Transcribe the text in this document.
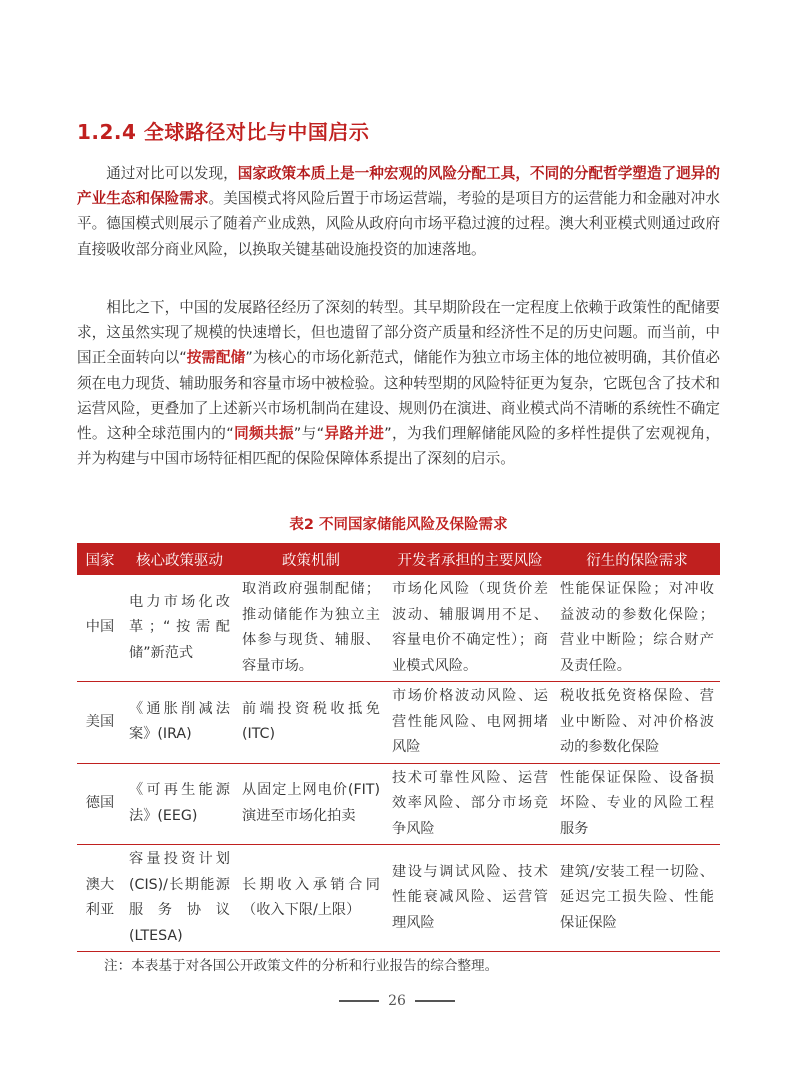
1.2.4 全球路径对比与中国启示

通过对比可以发现，国家政策本质上是一种宏观的风险分配工具，不同的分配哲学塑造了迥异的产业生态和保险需求。美国模式将风险后置于市场运营端，考验的是项目方的运营能力和金融对冲水平。德国模式则展示了随着产业成熟，风险从政府向市场平稳过渡的过程。澳大利亚模式则通过政府直接吸收部分商业风险，以换取关键基础设施投资的加速落地。

相比之下，中国的发展路径经历了深刻的转型。其早期阶段在一定程度上依赖于政策性的配储要求，这虽然实现了规模的快速增长，但也遗留了部分资产质量和经济性不足的历史问题。而当前，中国正全面转向以“按需配储”为核心的市场化新范式，储能作为独立市场主体的地位被明确，其价值必须在电力现货、辅助服务和容量市场中被检验。这种转型期的风险特征更为复杂，它既包含了技术和运营风险，更叠加了上述新兴市场机制尚在建设、规则仍在演进、商业模式尚不清晰的系统性不确定性。这种全球范围内的“同频共振”与“异路并进”，为我们理解储能风险的多样性提供了宏观视角，并为构建与中国市场特征相匹配的保险保障体系提出了深刻的启示。

表2 不同国家储能风险及保险需求
国家	核心政策驱动	政策机制	开发者承担的主要风险	衍生的保险需求
中国	电力市场化改革；“按需配储”新范式	取消政府强制配储；推动储能作为独立主体参与现货、辅服、容量市场。	市场化风险（现货价差波动、辅服调用不足、容量电价不确定性）；商业模式风险。	性能保证保险；对冲收益波动的参数化保险；营业中断险；综合财产及责任险。
美国	《通胀削减法案》(IRA)	前端投资税收抵免(ITC)	市场价格波动风险、运营性能风险、电网拥堵风险	税收抵免资格保险、营业中断险、对冲价格波动的参数化保险
德国	《可再生能源法》(EEG)	从固定上网电价(FIT)演进至市场化拍卖	技术可靠性风险、运营效率风险、部分市场竞争风险	性能保证保险、设备损坏险、专业的风险工程服务
澳大利亚	容量投资计划(CIS)/长期能源服务协议(LTESA)	长期收入承销合同（收入下限/上限）	建设与调试风险、技术性能衰减风险、运营管理风险	建筑/安装工程一切险、延迟完工损失险、性能保证保险
注：本表基于对各国公开政策文件的分析和行业报告的综合整理。
26
